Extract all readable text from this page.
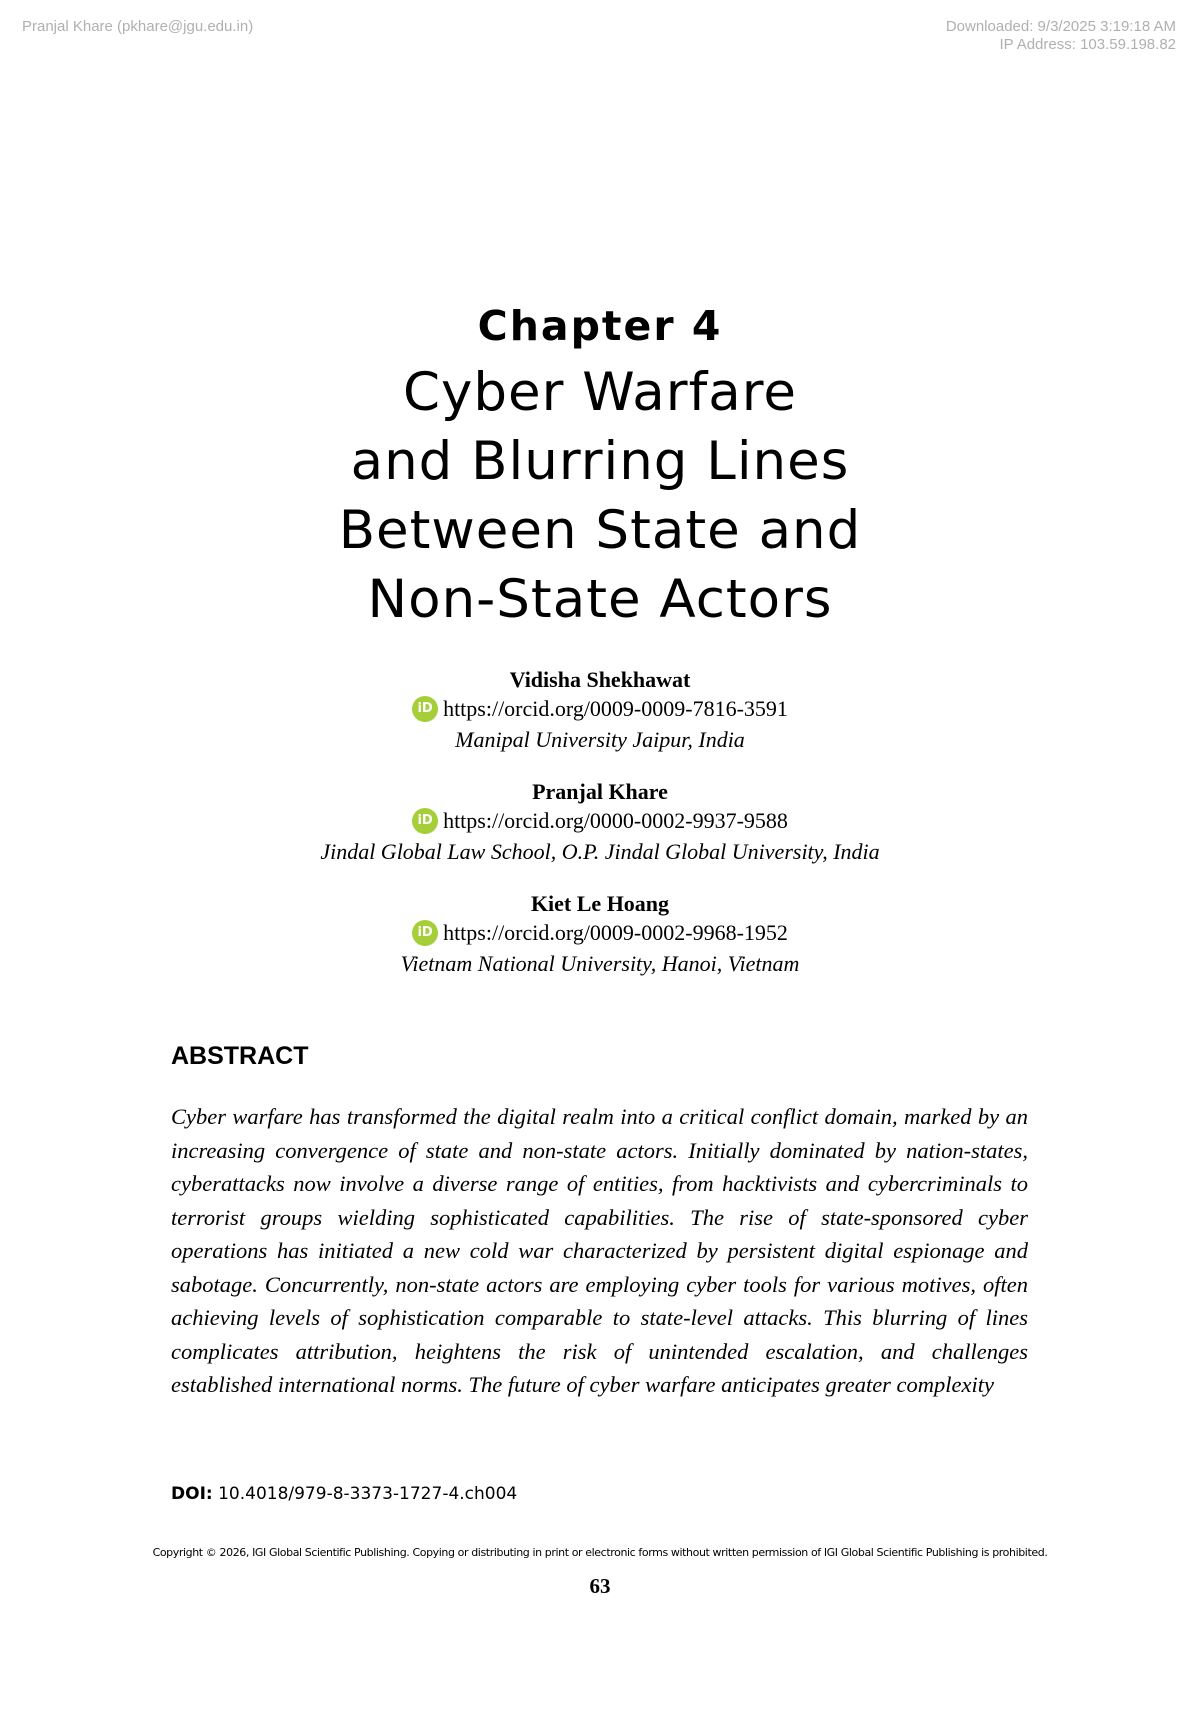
Pranjal Khare (pkhare@jgu.edu.in)	Downloaded: 9/3/2025 3:19:18 AM
IP Address: 103.59.198.82
Chapter 4
Cyber Warfare
and Blurring Lines
Between State and
Non-State Actors
Vidisha Shekhawat
iD https://orcid.org/0009-0009-7816-3591
Manipal University Jaipur, India
Pranjal Khare
iD https://orcid.org/0000-0002-9937-9588
Jindal Global Law School, O.P. Jindal Global University, India
Kiet Le Hoang
iD https://orcid.org/0009-0002-9968-1952
Vietnam National University, Hanoi, Vietnam
ABSTRACT
Cyber warfare has transformed the digital realm into a critical conflict domain, marked by an increasing convergence of state and non-state actors. Initially dominated by nation-states, cyberattacks now involve a diverse range of entities, from hacktivists and cybercriminals to terrorist groups wielding sophisticated capabilities. The rise of state-sponsored cyber operations has initiated a new cold war characterized by persistent digital espionage and sabotage. Concurrently, non-state actors are employing cyber tools for various motives, often achieving levels of sophistication comparable to state-level attacks. This blurring of lines complicates attribution, heightens the risk of unintended escalation, and challenges established international norms. The future of cyber warfare anticipates greater complexity
DOI: 10.4018/979-8-3373-1727-4.ch004
Copyright © 2026, IGI Global Scientific Publishing. Copying or distributing in print or electronic forms without written permission of IGI Global Scientific Publishing is prohibited.
63
